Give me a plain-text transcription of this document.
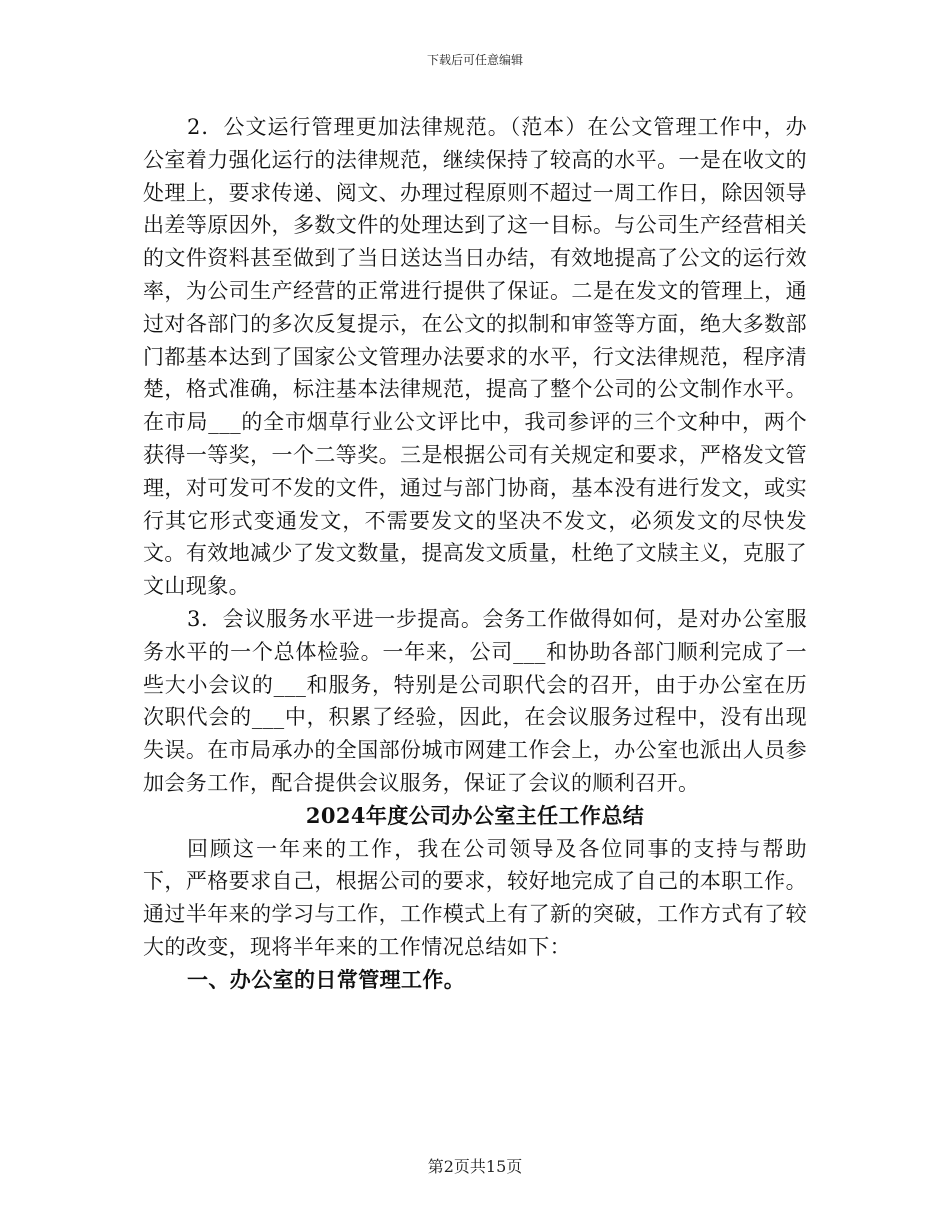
下载后可任意编辑

2．公文运行管理更加法律规范。（范本）在公文管理工作中，办公室着力强化运行的法律规范，继续保持了较高的水平。一是在收文的处理上，要求传递、阅文、办理过程原则不超过一周工作日，除因领导出差等原因外，多数文件的处理达到了这一目标。与公司生产经营相关的文件资料甚至做到了当日送达当日办结，有效地提高了公文的运行效率，为公司生产经营的正常进行提供了保证。二是在发文的管理上，通过对各部门的多次反复提示，在公文的拟制和审签等方面，绝大多数部门都基本达到了国家公文管理办法要求的水平，行文法律规范，程序清楚，格式准确，标注基本法律规范，提高了整个公司的公文制作水平。在市局___的全市烟草行业公文评比中，我司参评的三个文种中，两个获得一等奖，一个二等奖。三是根据公司有关规定和要求，严格发文管理，对可发可不发的文件，通过与部门协商，基本没有进行发文，或实行其它形式变通发文，不需要发文的坚决不发文，必须发文的尽快发文。有效地减少了发文数量，提高发文质量，杜绝了文牍主义，克服了文山现象。

3．会议服务水平进一步提高。会务工作做得如何，是对办公室服务水平的一个总体检验。一年来，公司___和协助各部门顺利完成了一些大小会议的___和服务，特别是公司职代会的召开，由于办公室在历次职代会的___中，积累了经验，因此，在会议服务过程中，没有出现失误。在市局承办的全国部份城市网建工作会上，办公室也派出人员参加会务工作，配合提供会议服务，保证了会议的顺利召开。

2024年度公司办公室主任工作总结

回顾这一年来的工作，我在公司领导及各位同事的支持与帮助下，严格要求自己，根据公司的要求，较好地完成了自己的本职工作。通过半年来的学习与工作，工作模式上有了新的突破，工作方式有了较大的改变，现将半年来的工作情况总结如下：

一、办公室的日常管理工作。

第2页共15页
